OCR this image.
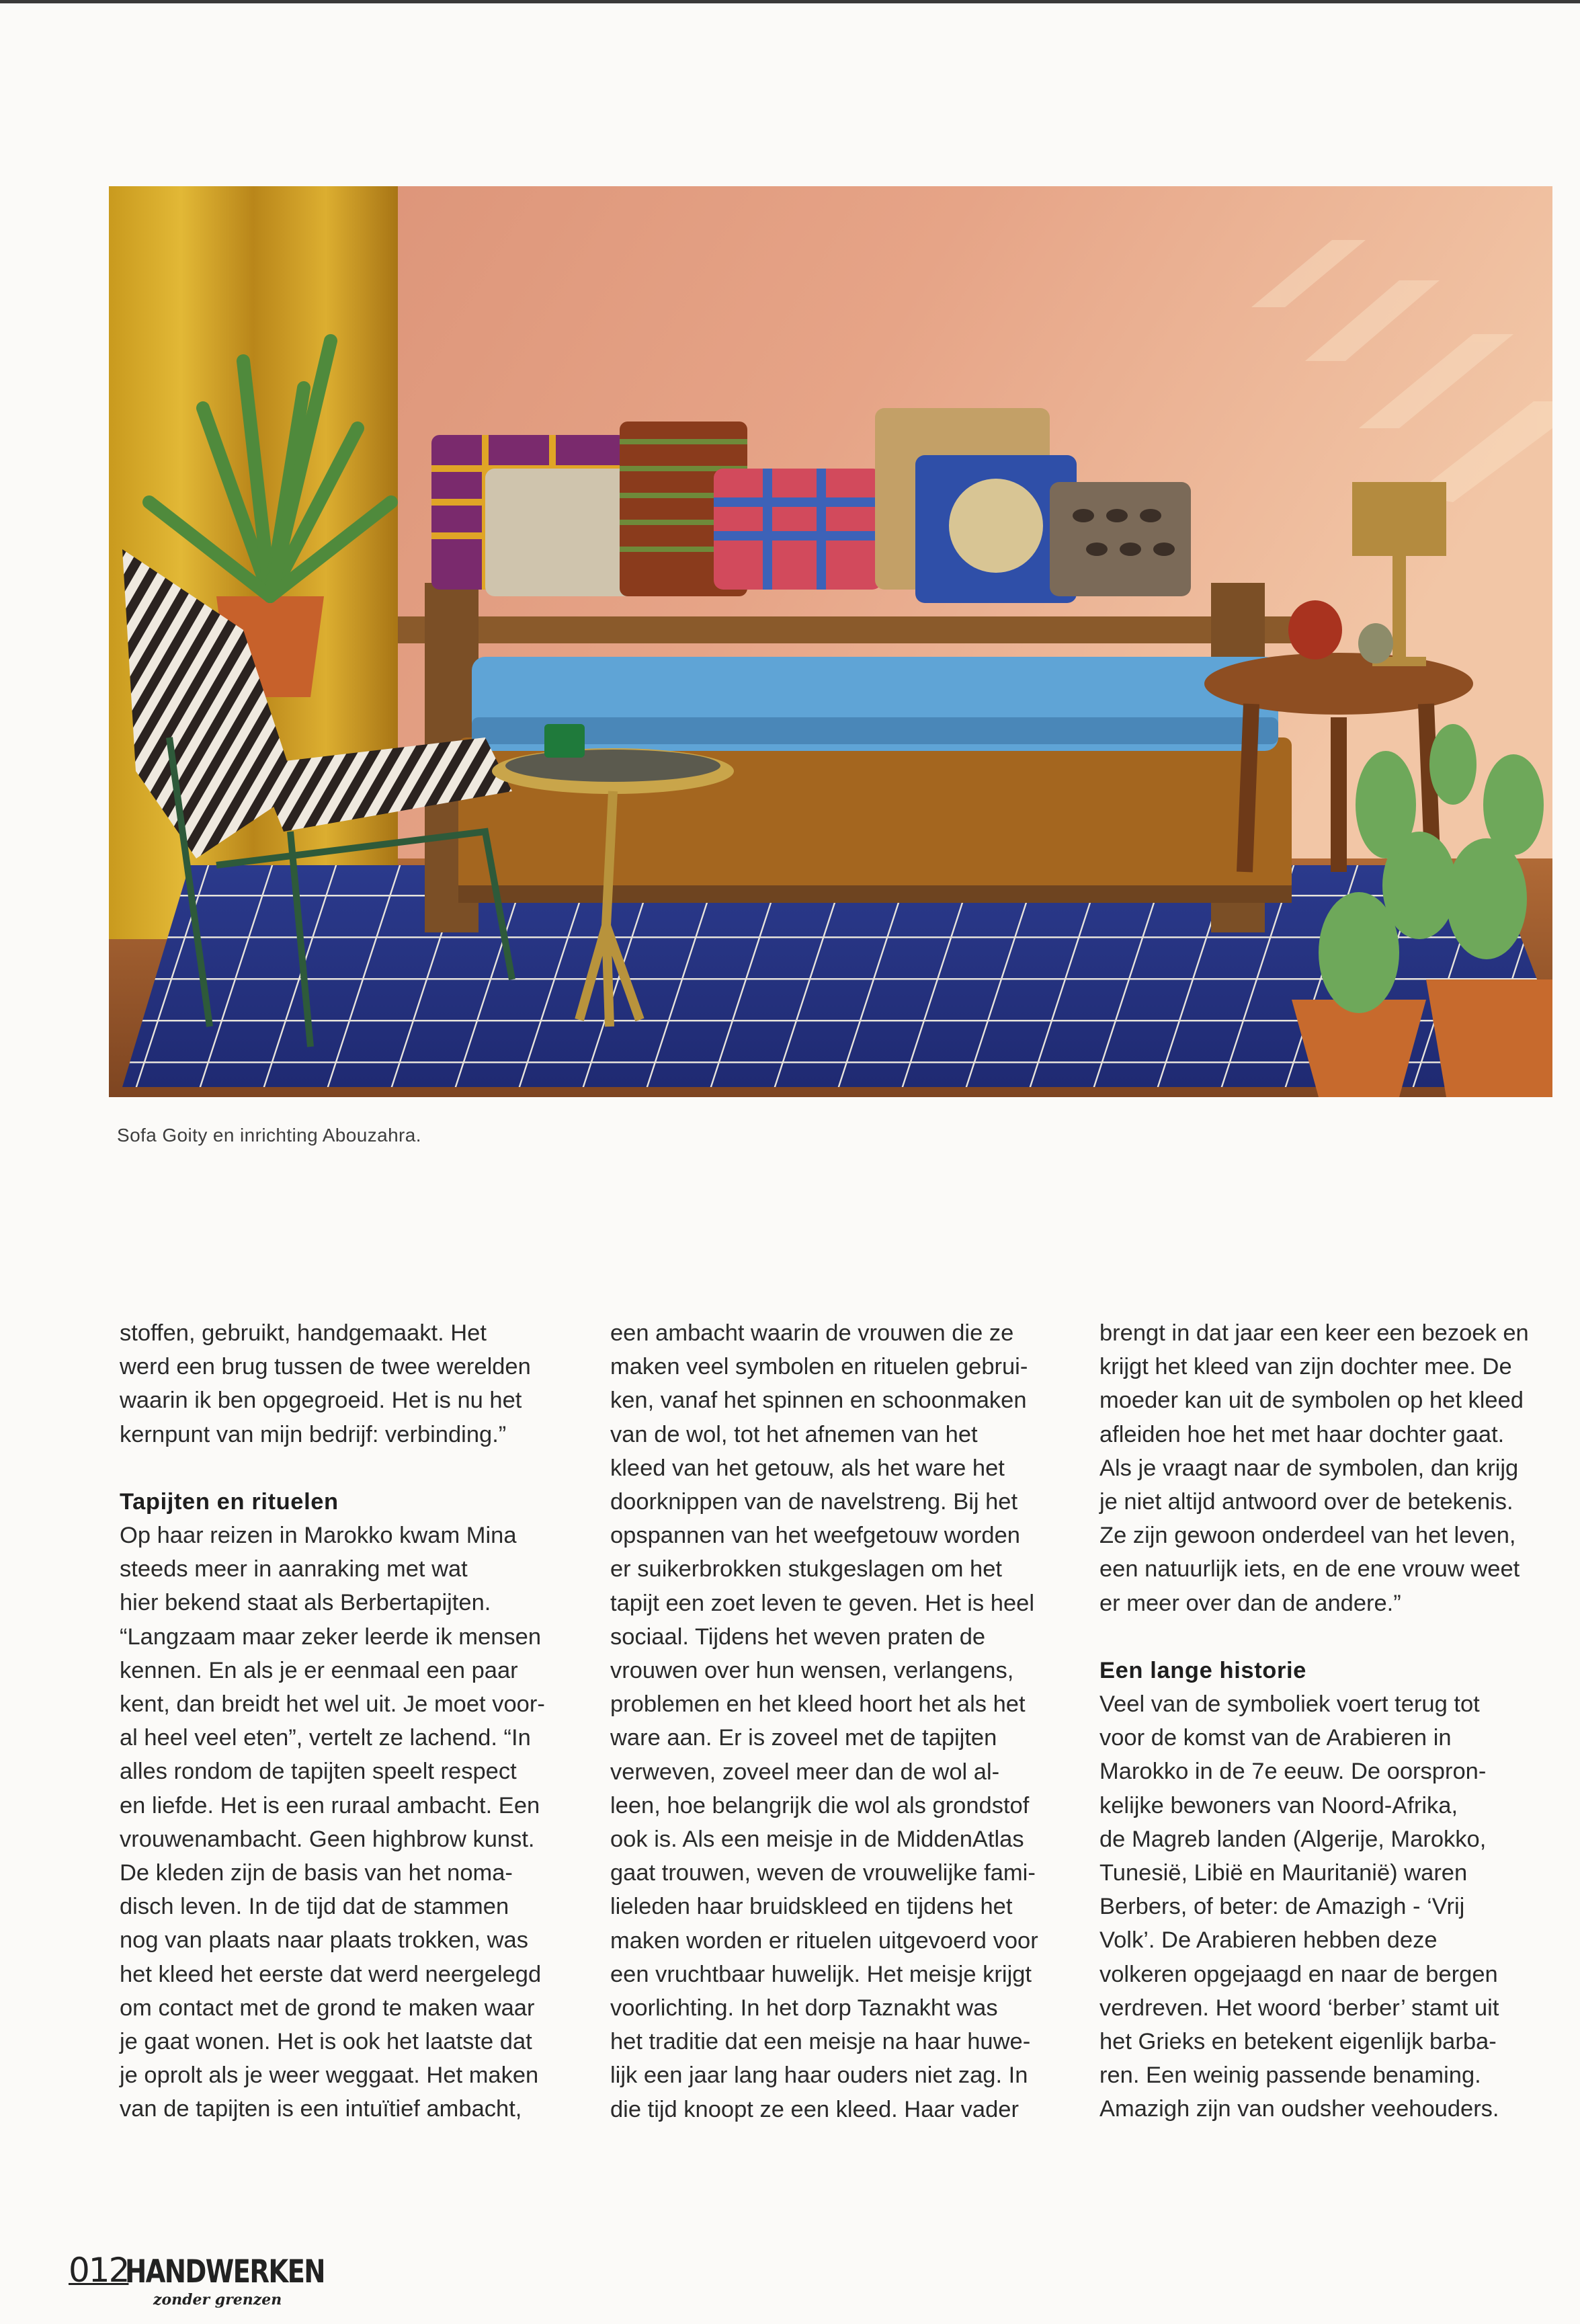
Sofa Goity en inrichting Abouzahra.

stoffen, gebruikt, handgemaakt. Het
werd een brug tussen de twee werelden
waarin ik ben opgegroeid. Het is nu het
kernpunt van mijn bedrijf: verbinding.”

Tapijten en rituelen

Op haar reizen in Marokko kwam Mina
steeds meer in aanraking met wat
hier bekend staat als Berbertapijten.
“Langzaam maar zeker leerde ik mensen
kennen. En als je er eenmaal een paar
kent, dan breidt het wel uit. Je moet voor-
al heel veel eten”, vertelt ze lachend. “In
alles rondom de tapijten speelt respect
en liefde. Het is een ruraal ambacht. Een
vrouwenambacht. Geen highbrow kunst.
De kleden zijn de basis van het noma-
disch leven. In de tijd dat de stammen
nog van plaats naar plaats trokken, was
het kleed het eerste dat werd neergelegd
om contact met de grond te maken waar
je gaat wonen. Het is ook het laatste dat
je oprolt als je weer weggaat. Het maken
van de tapijten is een intuïtief ambacht,

een ambacht waarin de vrouwen die ze
maken veel symbolen en rituelen gebrui-
ken, vanaf het spinnen en schoonmaken
van de wol, tot het afnemen van het
kleed van het getouw, als het ware het
doorknippen van de navelstreng. Bij het
opspannen van het weefgetouw worden
er suikerbrokken stukgeslagen om het
tapijt een zoet leven te geven. Het is heel
sociaal. Tijdens het weven praten de
vrouwen over hun wensen, verlangens,
problemen en het kleed hoort het als het
ware aan. Er is zoveel met de tapijten
verweven, zoveel meer dan de wol al-
leen, hoe belangrijk die wol als grondstof
ook is. Als een meisje in de MiddenAtlas
gaat trouwen, weven de vrouwelijke fami-
lieleden haar bruidskleed en tijdens het
maken worden er rituelen uitgevoerd voor
een vruchtbaar huwelijk. Het meisje krijgt
voorlichting. In het dorp Taznakht was
het traditie dat een meisje na haar huwe-
lijk een jaar lang haar ouders niet zag. In
die tijd knoopt ze een kleed. Haar vader

brengt in dat jaar een keer een bezoek en
krijgt het kleed van zijn dochter mee. De
moeder kan uit de symbolen op het kleed
afleiden hoe het met haar dochter gaat.
Als je vraagt naar de symbolen, dan krijg
je niet altijd antwoord over de betekenis.
Ze zijn gewoon onderdeel van het leven,
een natuurlijk iets, en de ene vrouw weet
er meer over dan de andere.”

Een lange historie

Veel van de symboliek voert terug tot
voor de komst van de Arabieren in
Marokko in de 7e eeuw. De oorspron-
kelijke bewoners van Noord-Afrika,
de Magreb landen (Algerije, Marokko,
Tunesië, Libië en Mauritanië) waren
Berbers, of beter: de Amazigh - ‘Vrij
Volk’. De Arabieren hebben deze
volkeren opgejaagd en naar de bergen
verdreven. Het woord ‘berber’ stamt uit
het Grieks en betekent eigenlijk barba-
ren. Een weinig passende benaming.
Amazigh zijn van oudsher veehouders.

012
HANDWERKEN
zonder grenzen
